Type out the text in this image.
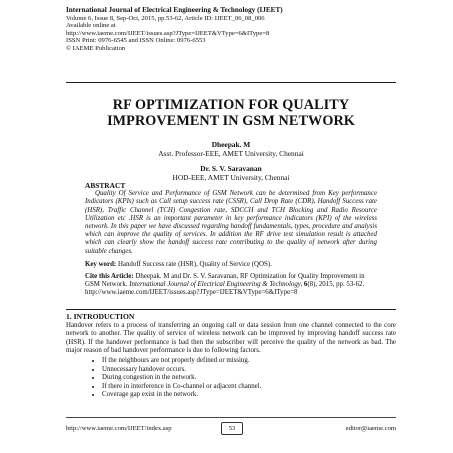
International Journal of Electrical Engineering & Technology (IJEET)
Volume 6, Issue 8, Sep-Oct, 2015, pp.53-62, Article ID: IJEET_06_08_006
Available online at
http://www.iaeme.com/IJEET/issues.asp?JType=IJEET&VType=6&IType=8
ISSN Print: 0976-6545 and ISSN Online: 0976-6553
© IAEME Publication
RF OPTIMIZATION FOR QUALITY
IMPROVEMENT IN GSM NETWORK
Dheepak. M
Asst. Professor-EEE, AMET University, Chennai
Dr. S. V. Saravanan
HOD-EEE, AMET University, Chennai
ABSTRACT
Quality Of Service and Performance of GSM Network can be determined from Key performance Indicators (KPIs) such as Call setup success rate (CSSR), Call Drop Rate (CDR), Handoff Success rate (HSR), Traffic Channel (TCH) Congestion rate, SDCCH and TCH Blocking and Radio Resource Utilization etc .HSR is an important parameter in key performance indicators (KPI) of the wireless network. In this paper we have discussed regarding handoff fundamentals, types, procedure and analysis which can improve the quality of services. In addition the RF drive test simulation result is attached which can clearly show the handoff success rate contributing to the quality of network after during suitable changes.
Key word: Handoff Success rate (HSR), Quality of Service (QOS).
Cite this Article: Dheepak. M and Dr. S. V. Saravanan, RF Optimization for Quality Improvement in GSM Network. International Journal of Electrical Engineering & Technology, 6(8), 2015, pp. 53-62.
http://www.iaeme.com/IJEET/issues.asp?JType=IJEET&VType=6&IType=8
1. INTRODUCTION

Handover refers to a process of transferring an ongoing call or data session from one channel connected to the core network to another. The quality of service of wireless network can be improved by improving handoff success rate (HSR). If the handover performance is bad then the subscriber will perceive the quality of the network as bad. The major reason of bad handover performance is due to following factors.

• If the neighbours are not properly defined or missing.
• Unnecessary handover occurs.
• During congestion in the network.
• If there in interference in Co-channel or adjacent channel.
• Coverage gap exist in the network.
http://www.iaeme.com/IJEET/index.asp	53	editor@iaeme.com
